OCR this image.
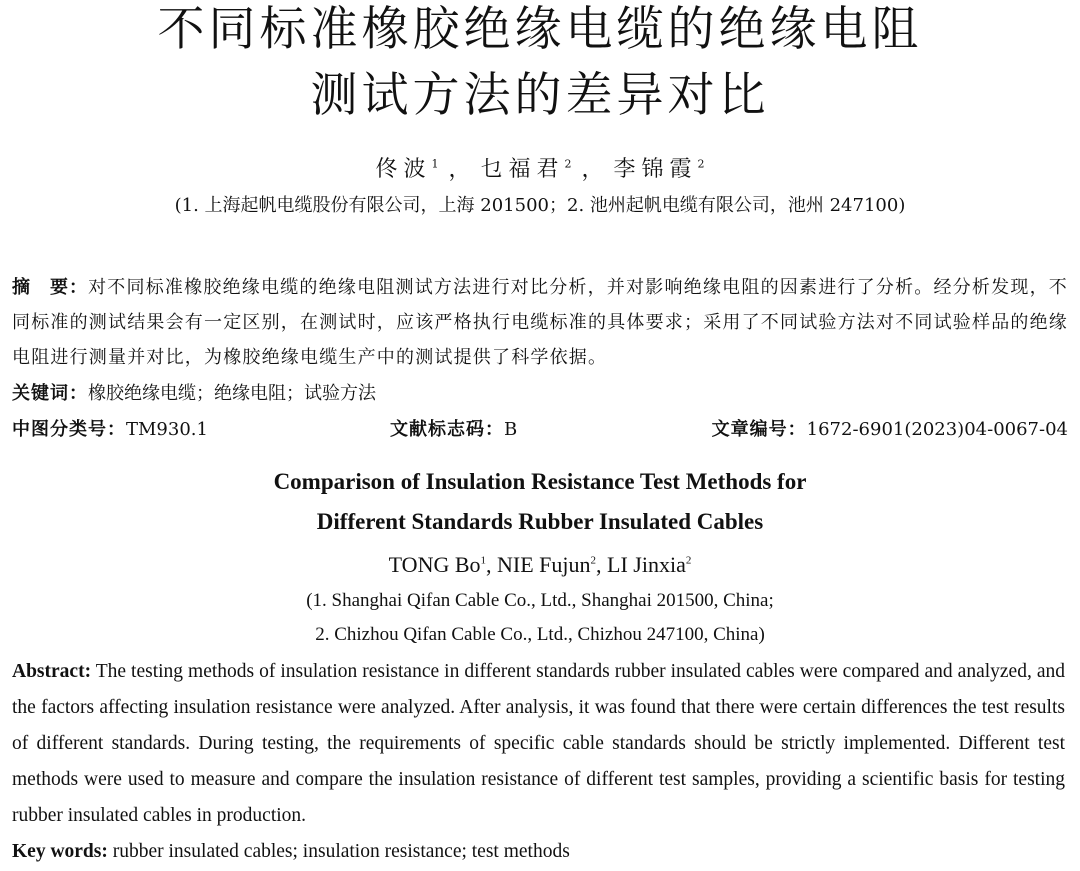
不同标准橡胶绝缘电缆的绝缘电阻
测试方法的差异对比
佟波$^1$ ， 乜福君$^2$ ， 李锦霞$^2$
(1. 上海起帆电缆股份有限公司，上海 201500；2. 池州起帆电缆有限公司，池州 247100)
摘　要：对不同标准橡胶绝缘电缆的绝缘电阻测试方法进行对比分析，并对影响绝缘电阻的因素进行了分析。经分析发现，不同标准的测试结果会有一定区别，在测试时，应该严格执行电缆标准的具体要求；采用了不同试验方法对不同试验样品的绝缘电阻进行测量并对比，为橡胶绝缘电缆生产中的测试提供了科学依据。
关键词：橡胶绝缘电缆；绝缘电阻；试验方法
中图分类号：TM930.1	文献标志码：B	文章编号：1672-6901(2023)04-0067-04
Comparison of Insulation Resistance Test Methods for
Different Standards Rubber Insulated Cables
TONG Bo$^1$, NIE Fujun$^2$, LI Jinxia$^2$
(1. Shanghai Qifan Cable Co., Ltd., Shanghai 201500, China;
2. Chizhou Qifan Cable Co., Ltd., Chizhou 247100, China)
Abstract: The testing methods of insulation resistance in different standards rubber insulated cables were compared and analyzed, and the factors affecting insulation resistance were analyzed. After analysis, it was found that there were certain differences the test results of different standards. During testing, the requirements of specific cable standards should be strictly implemented. Different test methods were used to measure and compare the insulation resistance of different test samples, providing a scientific basis for testing rubber insulated cables in production.
Key words: rubber insulated cables; insulation resistance; test methods
